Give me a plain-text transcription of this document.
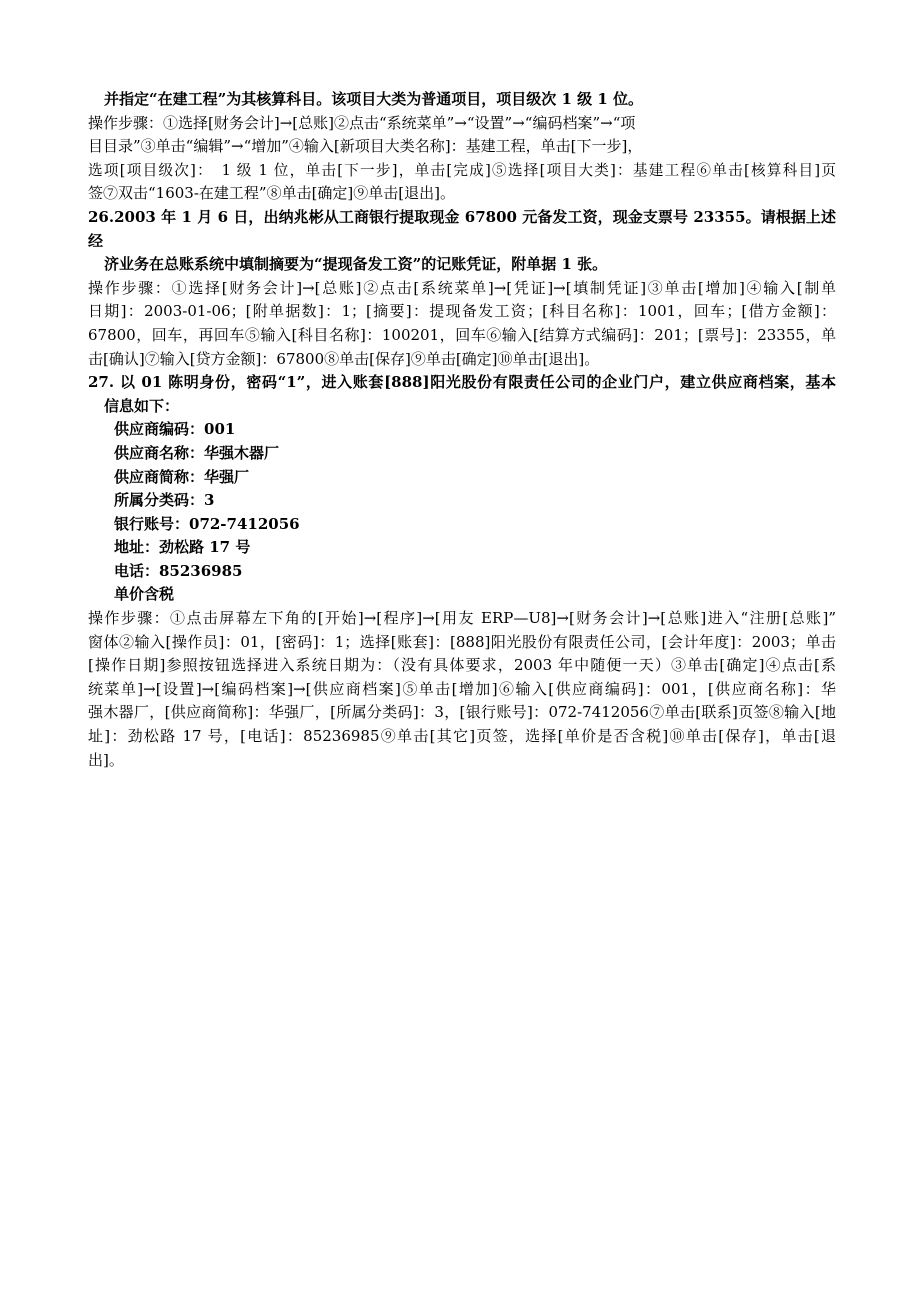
并指定“在建工程”为其核算科目。该项目大类为普通项目，项目级次 1 级 1 位。
操作步骤：①选择[财务会计]→[总账]②点击“系统菜单”→“设置”→“编码档案”→“项
目目录”③单击“编辑”→“增加”④输入[新项目大类名称]：基建工程，单击[下一步]，
选项[项目级次]：　1 级 1 位，单击[下一步]，单击[完成]⑤选择[项目大类]：基建工程⑥单击[核算科目]页
签⑦双击“1603-在建工程”⑧单击[确定]⑨单击[退出]。
26.2003 年 1 月 6 日，出纳兆彬从工商银行提取现金 67800 元备发工资，现金支票号 23355。请根据上述经
济业务在总账系统中填制摘要为“提现备发工资”的记账凭证，附单据 1 张。
操作步骤：①选择[财务会计]→[总账]②点击[系统菜单]→[凭证]→[填制凭证]③单击[增加]④输入[制单
日期]：2003-01-06；[附单据数]：1；[摘要]：提现备发工资；[科目名称]：1001，回车；[借方金额]：
67800，回车，再回车⑤输入[科目名称]：100201，回车⑥输入[结算方式编码]：201；[票号]：23355，单
击[确认]⑦输入[贷方金额]：67800⑧单击[保存]⑨单击[确定]⑩单击[退出]。
27. 以 01 陈明身份，密码“1”，进入账套[888]阳光股份有限责任公司的企业门户，建立供应商档案，基本
信息如下：
供应商编码：001
供应商名称：华强木器厂
供应商简称：华强厂
所属分类码：3
银行账号：072-7412056
地址：劲松路 17 号
电话：85236985
单价含税
操作步骤：①点击屏幕左下角的[开始]→[程序]→[用友 ERP—U8]→[财务会计]→[总账]进入“注册[总账]”
窗体②输入[操作员]：01，[密码]：1；选择[账套]：[888]阳光股份有限责任公司，[会计年度]：2003；单击
[操作日期]参照按钮选择进入系统日期为：（没有具体要求，2003 年中随便一天）③单击[确定]④点击[系
统菜单]→[设置]→[编码档案]→[供应商档案]⑤单击[增加]⑥输入[供应商编码]：001，[供应商名称]：华
强木器厂，[供应商简称]：华强厂，[所属分类码]：3，[银行账号]：072-7412056⑦单击[联系]页签⑧输入[地
址]：劲松路 17 号，[电话]：85236985⑨单击[其它]页签，选择[单价是否含税]⑩单击[保存]，单击[退
出]。
